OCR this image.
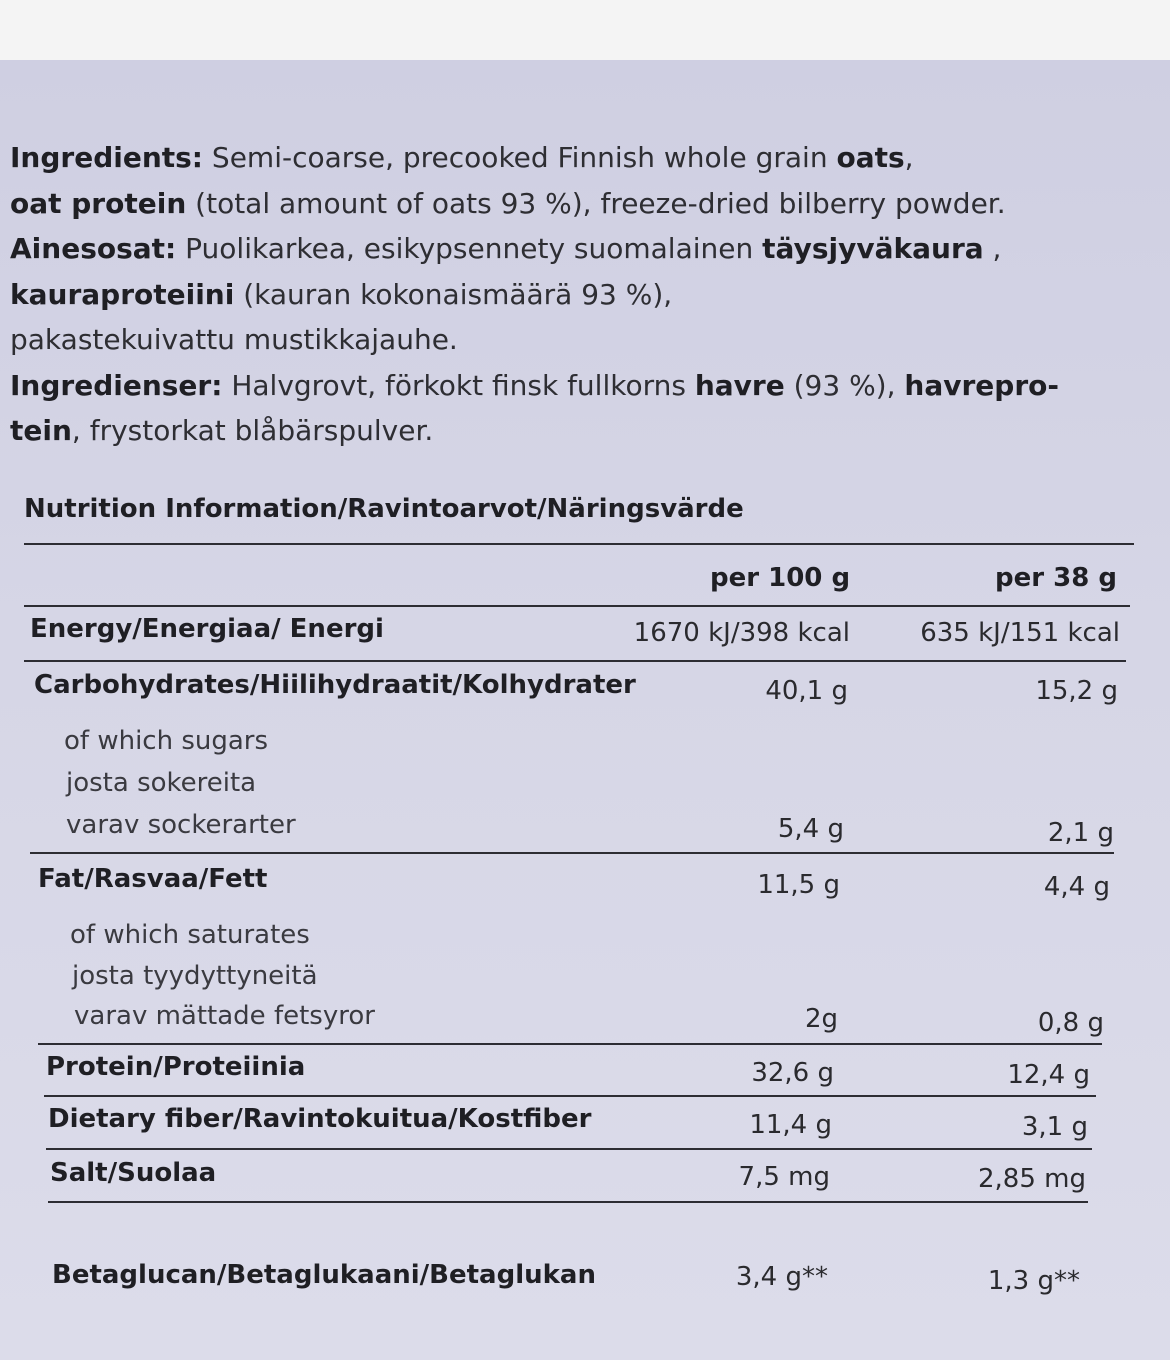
Ingredients: Semi-coarse, precooked Finnish whole grain oats,
oat protein (total amount of oats 93 %), freeze-dried bilberry powder.
Ainesosat: Puolikarkea, esikypsennety suomalainen täysjyväkaura ,
kauraproteiini (kauran kokonaismäärä 93 %),
pakastekuivattu mustikkajauhe.
Ingredienser: Halvgrovt, förkokt finsk fullkorns havre (93 %), havrepro-
tein, frystorkat blåbärspulver.
Nutrition Information/Ravintoarvot/Näringsvärde
per 100 g	per 38 g
Energy/Energiaa/ Energi	1670 kJ/398 kcal	635 kJ/151 kcal
Carbohydrates/Hiilihydraatit/Kolhydrater	40,1 g	15,2 g
of which sugars
josta sokereita
varav sockerarter	5,4 g	2,1 g
Fat/Rasvaa/Fett	11,5 g	4,4 g
of which saturates
josta tyydyttyneitä
varav mättade fetsyror	2g	0,8 g
Protein/Proteiinia	32,6 g	12,4 g
Dietary fiber/Ravintokuitua/Kostfiber	11,4 g	3,1 g
Salt/Suolaa	7,5 mg	2,85 mg
Betaglucan/Betaglukaani/Betaglukan	3,4 g**	1,3 g**
